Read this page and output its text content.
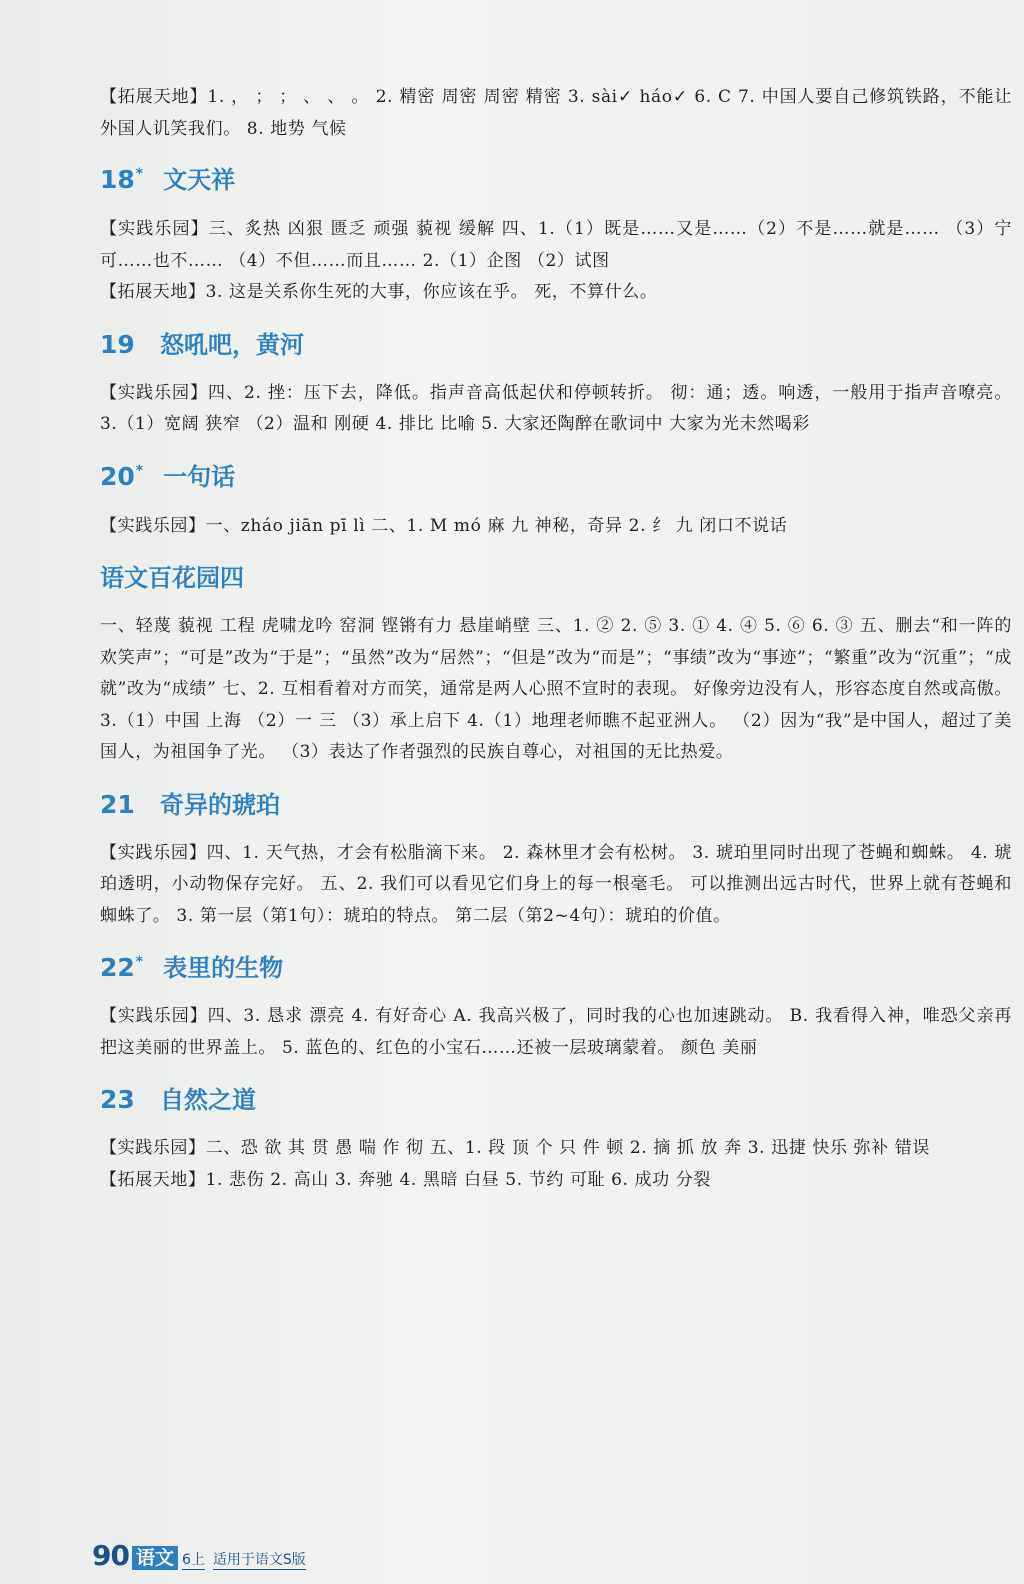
【拓展天地】1. ， ； ； 、 、 。 2. 精密 周密 周密 精密 3. sài✓ háo✓ 6. C 7. 中国人要自己修筑铁路，不能让外国人讥笑我们。 8. 地势 气候

18* 文天祥

【实践乐园】三、炙热 凶狠 匮乏 顽强 藐视 缓解 四、1.（1）既是……又是……（2）不是……就是…… （3）宁可……也不…… （4）不但……而且…… 2.（1）企图 （2）试图

【拓展天地】3. 这是关系你生死的大事，你应该在乎。 死，不算什么。

19 怒吼吧，黄河

【实践乐园】四、2. 挫：压下去，降低。指声音高低起伏和停顿转折。 彻：通；透。响透，一般用于指声音嘹亮。 3.（1）宽阔 狭窄 （2）温和 刚硬 4. 排比 比喻 5. 大家还陶醉在歌词中 大家为光未然喝彩

20* 一句话

【实践乐园】一、zháo jiān pī lì 二、1. M mó 麻 九 神秘，奇异 2. 纟 九 闭口不说话

语文百花园四

一、轻蔑 藐视 工程 虎啸龙吟 窑洞 铿锵有力 悬崖峭壁 三、1. ② 2. ⑤ 3. ① 4. ④ 5. ⑥ 6. ③ 五、删去“和一阵的欢笑声”；“可是”改为“于是”；“虽然”改为“居然”；“但是”改为“而是”；“事绩”改为“事迹”；“繁重”改为“沉重”；“成就”改为“成绩” 七、2. 互相看着对方而笑，通常是两人心照不宣时的表现。 好像旁边没有人，形容态度自然或高傲。 3.（1）中国 上海 （2）一 三 （3）承上启下 4.（1）地理老师瞧不起亚洲人。 （2）因为“我”是中国人，超过了美国人，为祖国争了光。 （3）表达了作者强烈的民族自尊心，对祖国的无比热爱。

21 奇异的琥珀

【实践乐园】四、1. 天气热，才会有松脂滴下来。 2. 森林里才会有松树。 3. 琥珀里同时出现了苍蝇和蜘蛛。 4. 琥珀透明，小动物保存完好。 五、2. 我们可以看见它们身上的每一根毫毛。 可以推测出远古时代，世界上就有苍蝇和蜘蛛了。 3. 第一层（第1句）：琥珀的特点。 第二层（第2~4句）：琥珀的价值。

22* 表里的生物

【实践乐园】四、3. 恳求 漂亮 4. 有好奇心 A. 我高兴极了，同时我的心也加速跳动。 B. 我看得入神，唯恐父亲再把这美丽的世界盖上。 5. 蓝色的、红色的小宝石……还被一层玻璃蒙着。 颜色 美丽

23 自然之道

【实践乐园】二、恐 欲 其 贯 愚 喘 作 彻 五、1. 段 顶 个 只 件 顿 2. 摘 抓 放 奔 3. 迅捷 快乐 弥补 错误

【拓展天地】1. 悲伤 2. 高山 3. 奔驰 4. 黑暗 白昼 5. 节约 可耻 6. 成功 分裂

90 语文 6上 适用于语文S版
